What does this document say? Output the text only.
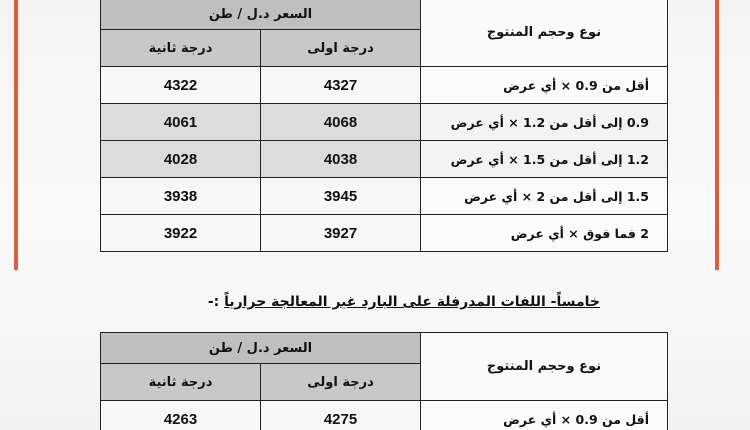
السعر د.ل / طن		نوع وحجم المنتوج
درجة ثانية	درجة اولى	
4322	4327	أقل من 0.9 × أي عرض
4061	4068	0.9 إلى أقل من 1.2 × أي عرض
4028	4038	1.2 إلى أقل من 1.5 × أي عرض
3938	3945	1.5 إلى أقل من 2 × أي عرض
3922	3927	2 فما فوق × أي عرض
خامساً- اللفات المدرفلة على البارد غير المعالجة حرارياً :-
السعر د.ل / طن		نوع وحجم المنتوج
درجة ثانية	درجة اولى	
4263	4275	أقل من 0.9 × أي عرض
